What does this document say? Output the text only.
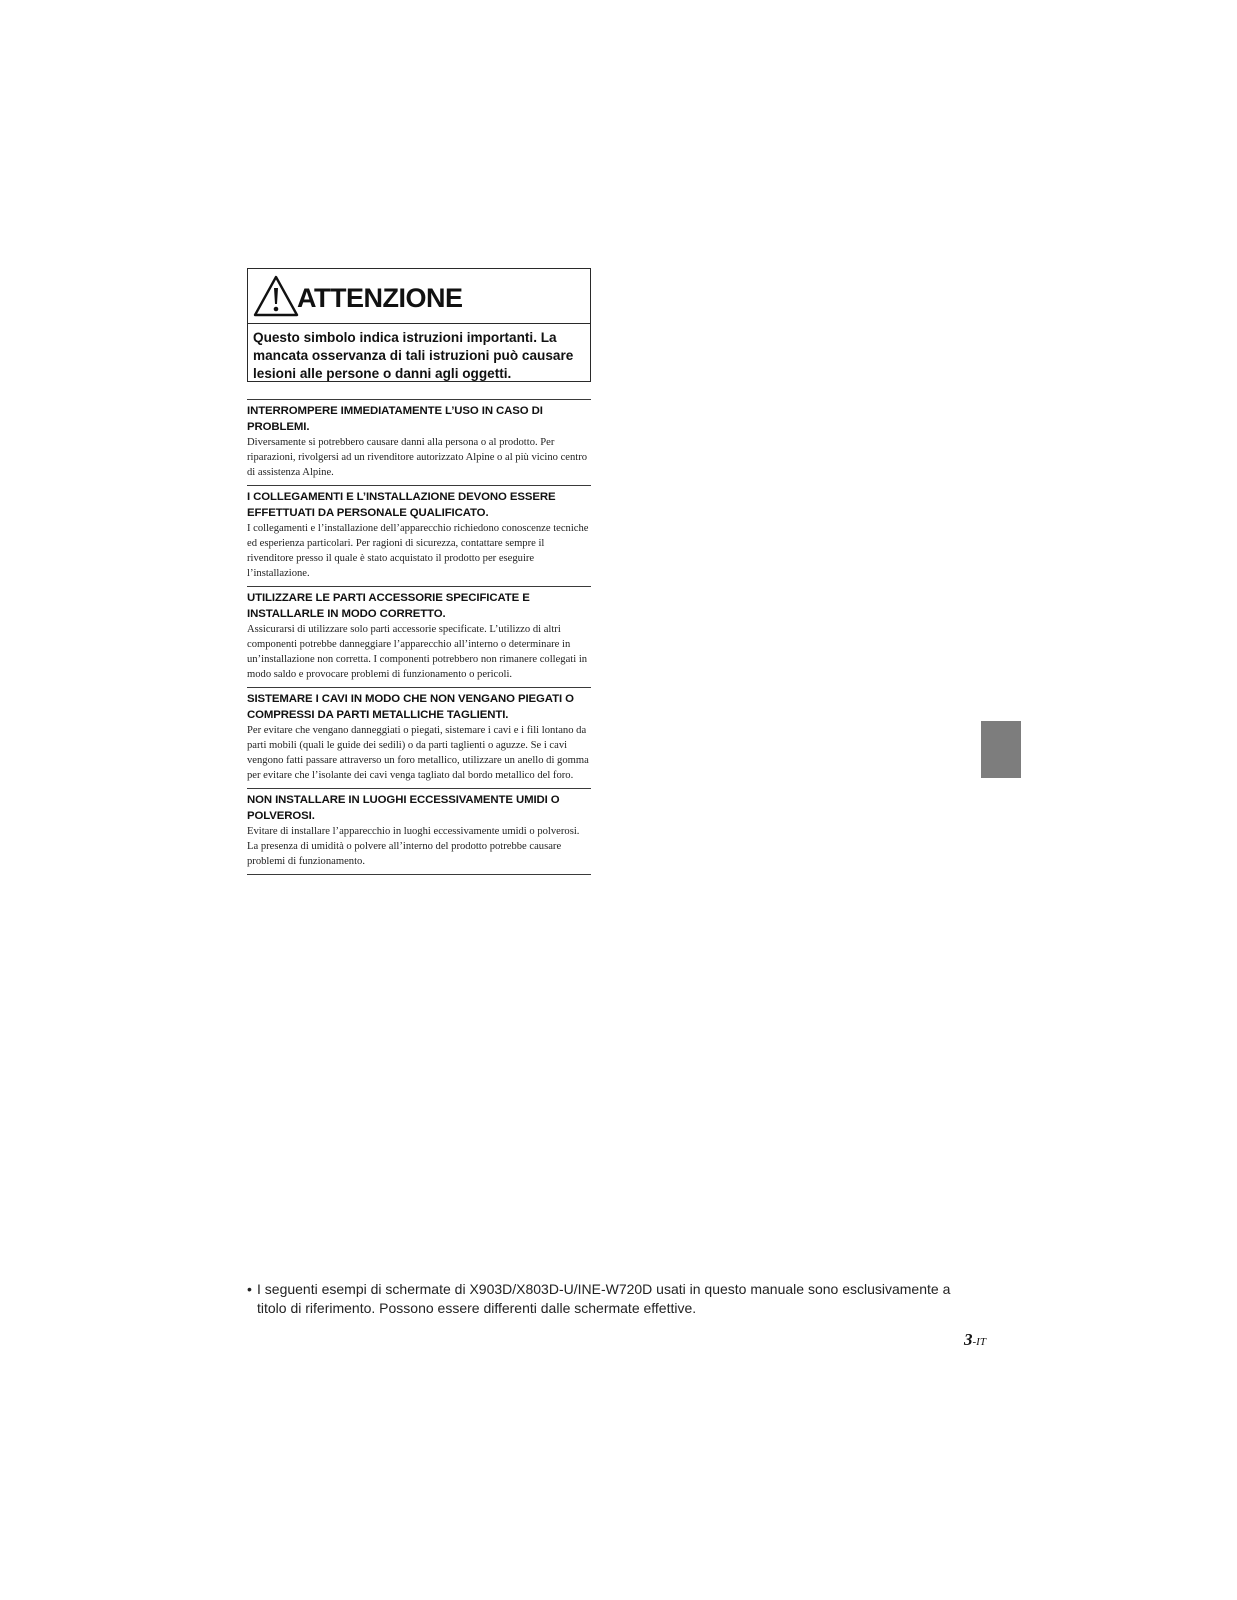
ATTENZIONE
Questo simbolo indica istruzioni importanti. La mancata osservanza di tali istruzioni può causare lesioni alle persone o danni agli oggetti.
INTERROMPERE IMMEDIATAMENTE L’USO IN CASO DI PROBLEMI.
Diversamente si potrebbero causare danni alla persona o al prodotto. Per riparazioni, rivolgersi ad un rivenditore autorizzato Alpine o al più vicino centro di assistenza Alpine.
I COLLEGAMENTI E L’INSTALLAZIONE DEVONO ESSERE EFFETTUATI DA PERSONALE QUALIFICATO.
I collegamenti e l’installazione dell’apparecchio richiedono conoscenze tecniche ed esperienza particolari. Per ragioni di sicurezza, contattare sempre il rivenditore presso il quale è stato acquistato il prodotto per eseguire l’installazione.
UTILIZZARE LE PARTI ACCESSORIE SPECIFICATE E INSTALLARLE IN MODO CORRETTO.
Assicurarsi di utilizzare solo parti accessorie specificate. L’utilizzo di altri componenti potrebbe danneggiare l’apparecchio all’interno o determinare in un’installazione non corretta. I componenti potrebbero non rimanere collegati in modo saldo e provocare problemi di funzionamento o pericoli.
SISTEMARE I CAVI IN MODO CHE NON VENGANO PIEGATI O COMPRESSI DA PARTI METALLICHE TAGLIENTI.
Per evitare che vengano danneggiati o piegati, sistemare i cavi e i fili lontano da parti mobili (quali le guide dei sedili) o da parti taglienti o aguzze. Se i cavi vengono fatti passare attraverso un foro metallico, utilizzare un anello di gomma per evitare che l’isolante dei cavi venga tagliato dal bordo metallico del foro.
NON INSTALLARE IN LUOGHI ECCESSIVAMENTE UMIDI O POLVEROSI.
Evitare di installare l’apparecchio in luoghi eccessivamente umidi o polverosi. La presenza di umidità o polvere all’interno del prodotto potrebbe causare problemi di funzionamento.
• I seguenti esempi di schermate di X903D/X803D-U/INE-W720D usati in questo manuale sono esclusivamente a titolo di riferimento. Possono essere differenti dalle schermate effettive.
3-IT
